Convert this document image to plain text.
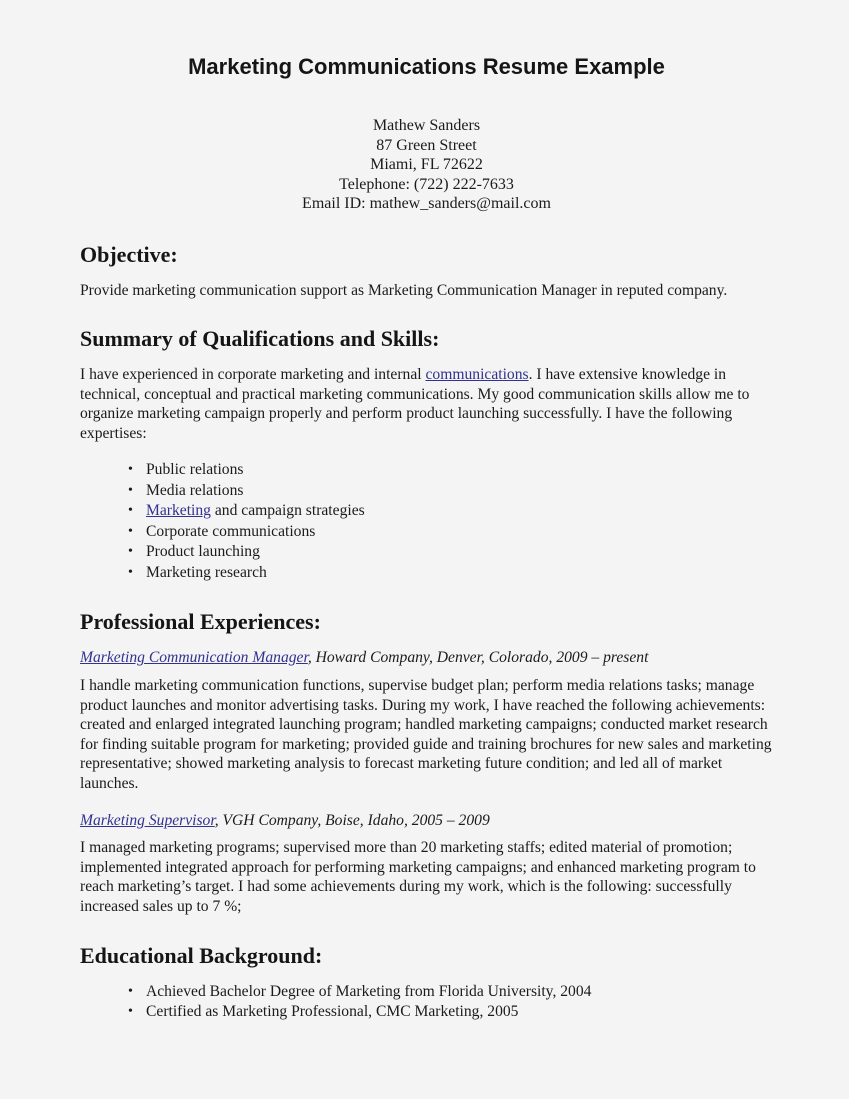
Marketing Communications Resume Example
Mathew Sanders
87 Green Street
Miami, FL 72622
Telephone: (722) 222-7633
Email ID: mathew_sanders@mail.com
Objective:

Provide marketing communication support as Marketing Communication Manager in reputed company.

Summary of Qualifications and Skills:

I have experienced in corporate marketing and internal communications. I have extensive knowledge in technical, conceptual and practical marketing communications. My good communication skills allow me to organize marketing campaign properly and perform product launching successfully. I have the following expertises:

• Public relations
• Media relations
• Marketing and campaign strategies
• Corporate communications
• Product launching
• Marketing research
Professional Experiences:

Marketing Communication Manager, Howard Company, Denver, Colorado, 2009 – present

I handle marketing communication functions, supervise budget plan; perform media relations tasks; manage product launches and monitor advertising tasks. During my work, I have reached the following achievements: created and enlarged integrated launching program; handled marketing campaigns; conducted market research for finding suitable program for marketing; provided guide and training brochures for new sales and marketing representative; showed marketing analysis to forecast marketing future condition; and led all of market launches.

Marketing Supervisor, VGH Company, Boise, Idaho, 2005 – 2009

I managed marketing programs; supervised more than 20 marketing staffs; edited material of promotion; implemented integrated approach for performing marketing campaigns; and enhanced marketing program to reach marketing’s target. I had some achievements during my work, which is the following: successfully increased sales up to 7 %;

Educational Background:
• Achieved Bachelor Degree of Marketing from Florida University, 2004
• Certified as Marketing Professional, CMC Marketing, 2005
